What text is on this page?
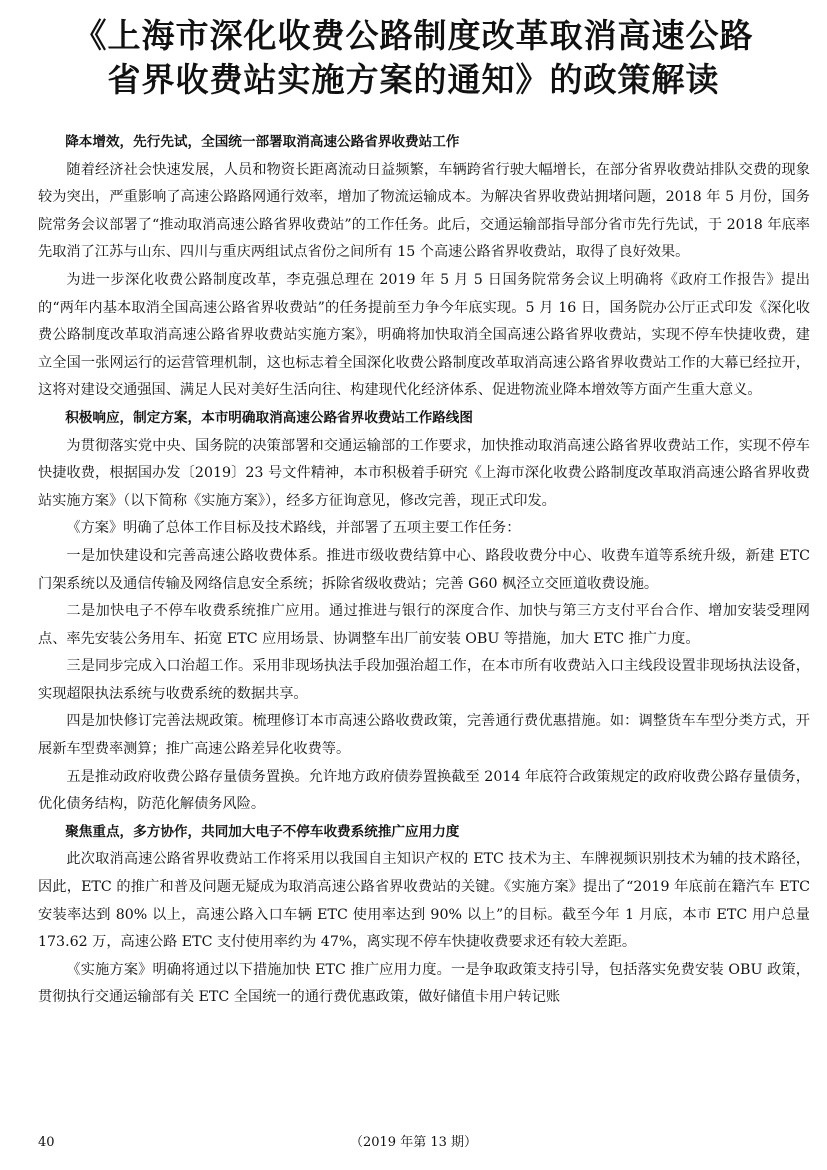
《上海市深化收费公路制度改革取消高速公路
省界收费站实施方案的通知》的政策解读

降本增效，先行先试，全国统一部署取消高速公路省界收费站工作

随着经济社会快速发展，人员和物资长距离流动日益频繁，车辆跨省行驶大幅增长，在部分省界收费站排队交费的现象较为突出，严重影响了高速公路路网通行效率，增加了物流运输成本。为解决省界收费站拥堵问题，2018 年 5 月份，国务院常务会议部署了“推动取消高速公路省界收费站”的工作任务。此后，交通运输部指导部分省市先行先试，于 2018 年底率先取消了江苏与山东、四川与重庆两组试点省份之间所有 15 个高速公路省界收费站，取得了良好效果。

为进一步深化收费公路制度改革，李克强总理在 2019 年 5 月 5 日国务院常务会议上明确将《政府工作报告》提出的“两年内基本取消全国高速公路省界收费站”的任务提前至力争今年底实现。5 月 16 日，国务院办公厅正式印发《深化收费公路制度改革取消高速公路省界收费站实施方案》，明确将加快取消全国高速公路省界收费站，实现不停车快捷收费，建立全国一张网运行的运营管理机制，这也标志着全国深化收费公路制度改革取消高速公路省界收费站工作的大幕已经拉开，这将对建设交通强国、满足人民对美好生活向往、构建现代化经济体系、促进物流业降本增效等方面产生重大意义。

积极响应，制定方案，本市明确取消高速公路省界收费站工作路线图

为贯彻落实党中央、国务院的决策部署和交通运输部的工作要求，加快推动取消高速公路省界收费站工作，实现不停车快捷收费，根据国办发〔2019〕23 号文件精神，本市积极着手研究《上海市深化收费公路制度改革取消高速公路省界收费站实施方案》（以下简称《实施方案》），经多方征询意见，修改完善，现正式印发。

《方案》明确了总体工作目标及技术路线，并部署了五项主要工作任务：

一是加快建设和完善高速公路收费体系。推进市级收费结算中心、路段收费分中心、收费车道等系统升级，新建 ETC 门架系统以及通信传输及网络信息安全系统；拆除省级收费站；完善 G60 枫泾立交匝道收费设施。

二是加快电子不停车收费系统推广应用。通过推进与银行的深度合作、加快与第三方支付平台合作、增加安装受理网点、率先安装公务用车、拓宽 ETC 应用场景、协调整车出厂前安装 OBU 等措施，加大 ETC 推广力度。

三是同步完成入口治超工作。采用非现场执法手段加强治超工作，在本市所有收费站入口主线段设置非现场执法设备，实现超限执法系统与收费系统的数据共享。

四是加快修订完善法规政策。梳理修订本市高速公路收费政策，完善通行费优惠措施。如：调整货车车型分类方式，开展新车型费率测算；推广高速公路差异化收费等。

五是推动政府收费公路存量债务置换。允许地方政府债券置换截至 2014 年底符合政策规定的政府收费公路存量债务，优化债务结构，防范化解债务风险。

聚焦重点，多方协作，共同加大电子不停车收费系统推广应用力度

此次取消高速公路省界收费站工作将采用以我国自主知识产权的 ETC 技术为主、车牌视频识别技术为辅的技术路径，因此，ETC 的推广和普及问题无疑成为取消高速公路省界收费站的关键。《实施方案》提出了“2019 年底前在籍汽车 ETC 安装率达到 80% 以上，高速公路入口车辆 ETC 使用率达到 90% 以上”的目标。截至今年 1 月底，本市 ETC 用户总量 173.62 万，高速公路 ETC 支付使用率约为 47%，离实现不停车快捷收费要求还有较大差距。

《实施方案》明确将通过以下措施加快 ETC 推广应用力度。一是争取政策支持引导，包括落实免费安装 OBU 政策，贯彻执行交通运输部有关 ETC 全国统一的通行费优惠政策，做好储值卡用户转记账

40	（2019 年第 13 期）
